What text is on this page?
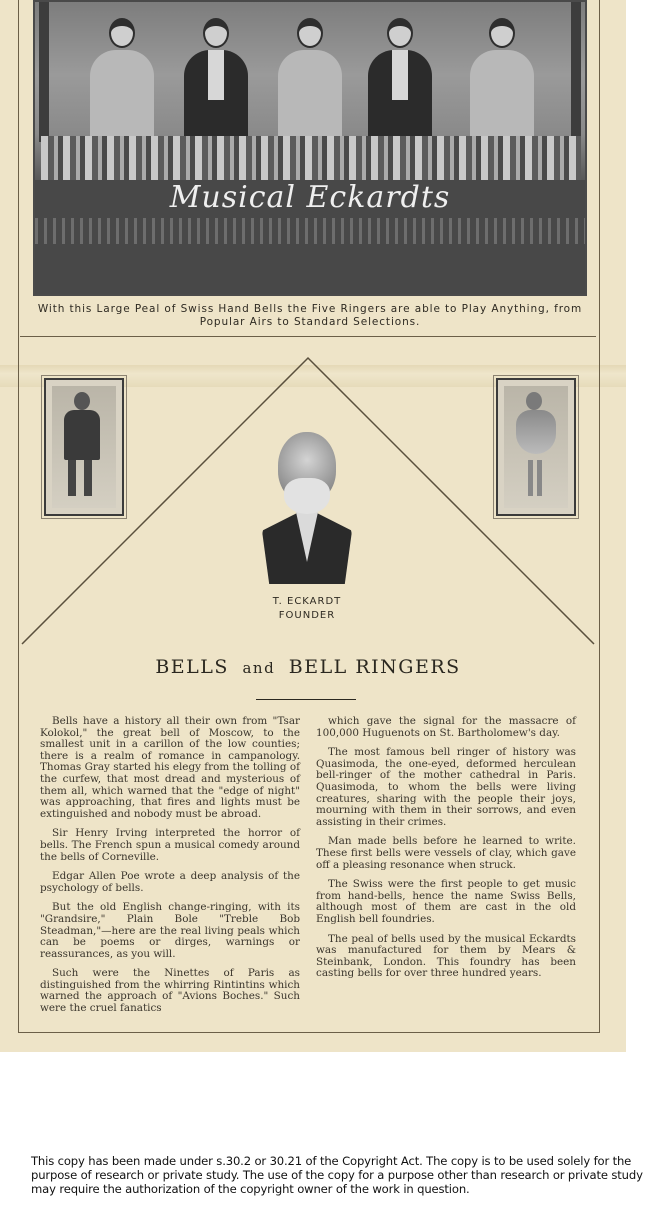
Musical Eckardts
With this Large Peal of Swiss Hand Bells the Five Ringers are able to Play Anything, from Popular Airs to Standard Selections.
T. ECKARDT
FOUNDER
BELLS and BELL RINGERS

Bells have a history all their own from "Tsar Kolokol," the great bell of Moscow, to the smallest unit in a carillon of the low counties; there is a realm of romance in campanology. Thomas Gray started his elegy from the tolling of the curfew, that most dread and mysterious of them all, which warned that the "edge of night" was approaching, that fires and lights must be extinguished and nobody must be abroad.

Sir Henry Irving interpreted the horror of bells. The French spun a musical comedy around the bells of Corneville.

Edgar Allen Poe wrote a deep analysis of the psychology of bells.

But the old English change-ringing, with its "Grandsire," Plain Bole "Treble Bob Steadman,"—here are the real living peals which can be poems or dirges, warnings or reassurances, as you will.

Such were the Ninettes of Paris as distinguished from the whirring Rintintins which warned the approach of "Avions Boches." Such were the cruel fanatics

which gave the signal for the massacre of 100,000 Huguenots on St. Bartholomew's day.

The most famous bell ringer of history was Quasimoda, the one-eyed, deformed herculean bell-ringer of the mother cathedral in Paris. Quasimoda, to whom the bells were living creatures, sharing with the people their joys, mourning with them in their sorrows, and even assisting in their crimes.

Man made bells before he learned to write. These first bells were vessels of clay, which gave off a pleasing resonance when struck.

The Swiss were the first people to get music from hand-bells, hence the name Swiss Bells, although most of them are cast in the old English bell foundries.

The peal of bells used by the musical Eckardts was manufactured for them by Mears & Steinbank, London. This foundry has been casting bells for over three hundred years.

This copy has been made under s.30.2 or 30.21 of the Copyright Act. The copy is to be used solely for the purpose of research or private study. The use of the copy for a purpose other than research or private study may require the authorization of the copyright owner of the work in question.
